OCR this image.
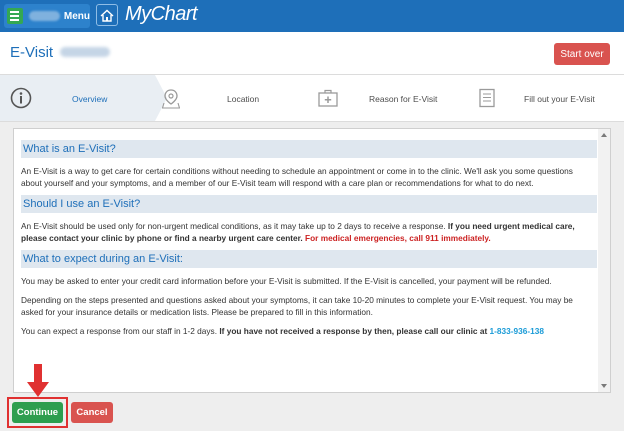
Menu MyChart
E-Visit	Start over
Overview	Location	Reason for E-Visit	Fill out your E-Visit
What is an E-Visit?
An E-Visit is a way to get care for certain conditions without needing to schedule an appointment or come in to the clinic. We'll ask you some questions about yourself and your symptoms, and a member of our E-Visit team will respond with a care plan or recommendations for what to do next.
Should I use an E-Visit?
An E-Visit should be used only for non-urgent medical conditions, as it may take up to 2 days to receive a response. If you need urgent medical care, please contact your clinic by phone or find a nearby urgent care center. For medical emergencies, call 911 immediately.
What to expect during an E-Visit:
You may be asked to enter your credit card information before your E-Visit is submitted. If the E-Visit is cancelled, your payment will be refunded.
Depending on the steps presented and questions asked about your symptoms, it can take 10-20 minutes to complete your E-Visit request. You may be asked for your insurance details or medication lists. Please be prepared to fill in this information.
You can expect a response from our staff in 1-2 days. If you have not received a response by then, please call our clinic at 1-833-936-138
Continue	Cancel
